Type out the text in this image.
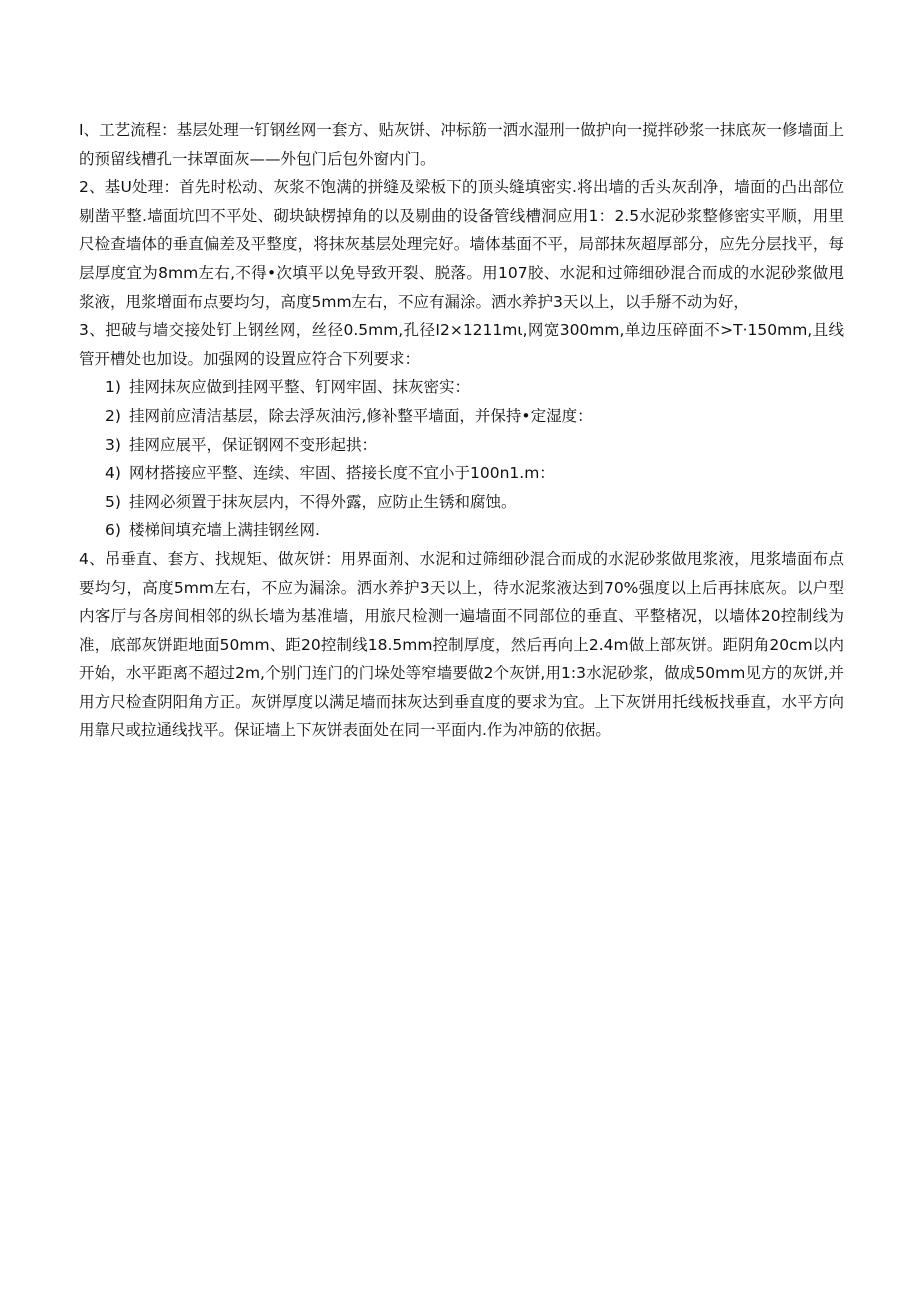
I、工艺流程：基层处理一钉钢丝网一套方、贴灰饼、冲标筋一洒水湿刑一做护向一搅拌砂浆一抹底灰一修墙面上的预留线槽孔一抹罩面灰——外包门后包外窗内门。

2、基U处理：首先时松动、灰浆不饱满的拼缝及梁板下的顶头缝填密实.将出墙的舌头灰刮净，墙面的凸出部位剔凿平整.墙面坑凹不平处、砌块缺楞掉角的以及剔曲的设备管线槽洞应用1：2.5水泥砂浆整修密实平顺，用里尺检查墙体的垂直偏差及平整度，将抹灰基层处理完好。墙体基面不平，局部抹灰超厚部分，应先分层找平，每层厚度宜为8mm左右,不得•次填平以免导致开裂、脱落。用107胶、水泥和过筛细砂混合而成的水泥砂浆做甩浆液，甩浆增面布点要均匀，高度5mm左右，不应有漏涂。洒水养护3天以上，以手掰不动为好，

3、把破与墙交接处钉上钢丝网，丝径0.5mm,孔径I2×1211mι,网宽300mm,单边压碎面不>T·150mm,且线管开槽处也加设。加强网的设置应符合下列要求：

1) 挂网抹灰应做到挂网平整、钉网牢固、抹灰密实：
2) 挂网前应清洁基层，除去浮灰油污,修补整平墙面，并保持•定湿度：
3) 挂网应展平，保证钢网不变形起拱：
4) 网材搭接应平整、连续、牢固、搭接长度不宜小于100n1.m：
5) 挂网必须置于抹灰层内，不得外露，应防止生锈和腐蚀。
6) 楼梯间填充墙上满挂钢丝网.

4、吊垂直、套方、找规矩、做灰饼：用界面剂、水泥和过筛细砂混合而成的水泥砂浆做甩浆液，甩浆墙面布点要均匀，高度5mm左右，不应为漏涂。洒水养护3天以上，待水泥浆液达到70%强度以上后再抹底灰。以户型内客厅与各房间相邻的纵长墙为基准墙，用旅尺检测一遍墙面不同部位的垂直、平整楮况，以墙体20控制线为准，底部灰饼距地面50mm、距20控制线18.5mm控制厚度，然后再向上2.4m做上部灰饼。距阴角20cm以内开始，水平距离不超过2m,个别门连门的门垛处等窄墙要做2个灰饼,用1:3水泥砂浆，做成50mm见方的灰饼,并用方尺检查阴阳角方正。灰饼厚度以满足墙而抹灰达到垂直度的要求为宜。上下灰饼用托线板找垂直，水平方向用靠尺或拉通线找平。保证墙上下灰饼表面处在同一平面内.作为冲筋的依据。
